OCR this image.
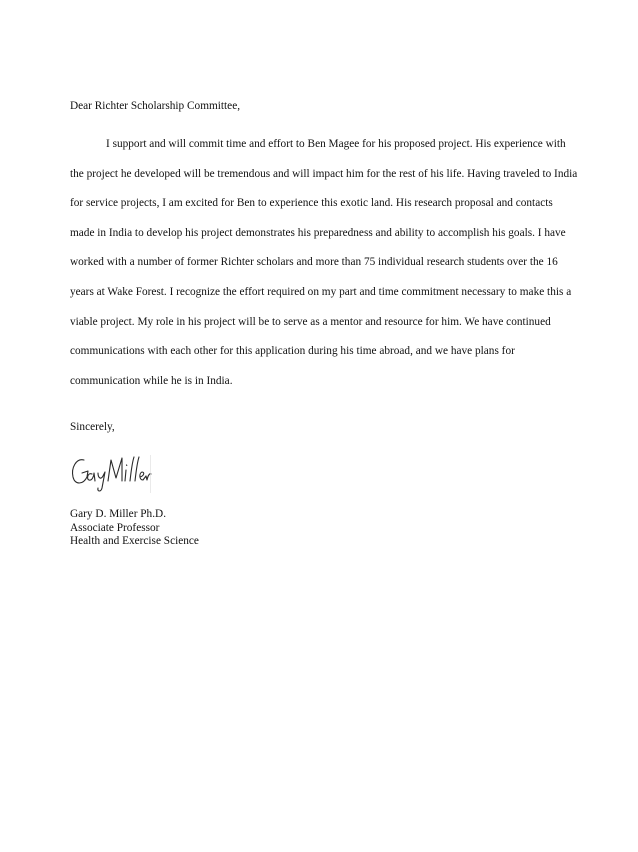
Dear Richter Scholarship Committee,

I support and will commit time and effort to Ben Magee for his proposed project. His experience with the project he developed will be tremendous and will impact him for the rest of his life. Having traveled to India for service projects, I am excited for Ben to experience this exotic land. His research proposal and contacts made in India to develop his project demonstrates his preparedness and ability to accomplish his goals. I have worked with a number of former Richter scholars and more than 75 individual research students over the 16 years at Wake Forest. I recognize the effort required on my part and time commitment necessary to make this a viable project. My role in his project will be to serve as a mentor and resource for him. We have continued communications with each other for this application during his time abroad, and we have plans for communication while he is in India.

Sincerely,

Gary D. Miller Ph.D.
Associate Professor
Health and Exercise Science
